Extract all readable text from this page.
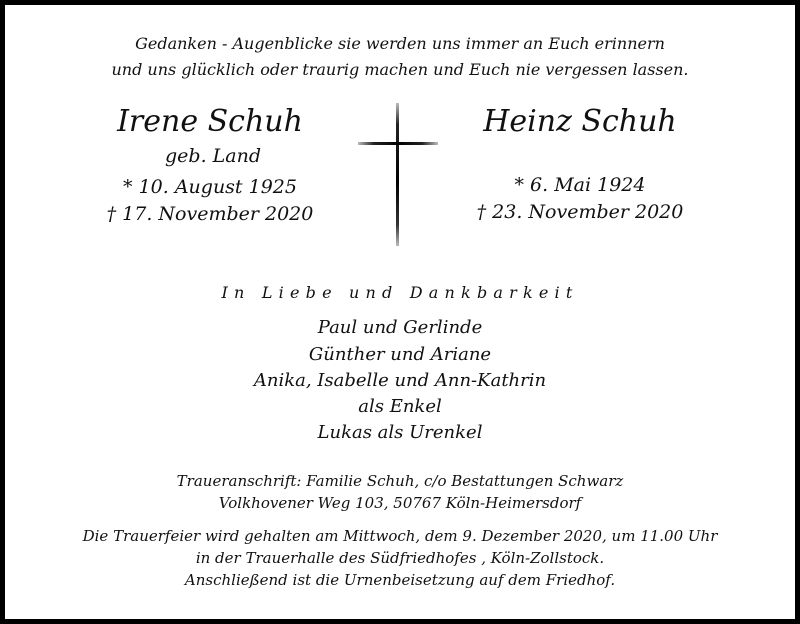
Gedanken - Augenblicke sie werden uns immer an Euch erinnern
und uns glücklich oder traurig machen und Euch nie vergessen lassen.
Irene Schuh
geb. Land
* 10. August 1925
† 17. November 2020
Heinz Schuh
* 6. Mai 1924
† 23. November 2020
In Liebe und Dankbarkeit
Paul und Gerlinde
Günther und Ariane
Anika, Isabelle und Ann-Kathrin
als Enkel
Lukas als Urenkel
Traueranschrift: Familie Schuh, c/o Bestattungen Schwarz
Volkhovener Weg 103, 50767 Köln-Heimersdorf
Die Trauerfeier wird gehalten am Mittwoch, dem 9. Dezember 2020, um 11.00 Uhr
in der Trauerhalle des Südfriedhofes , Köln-Zollstock.
Anschließend ist die Urnenbeisetzung auf dem Friedhof.
